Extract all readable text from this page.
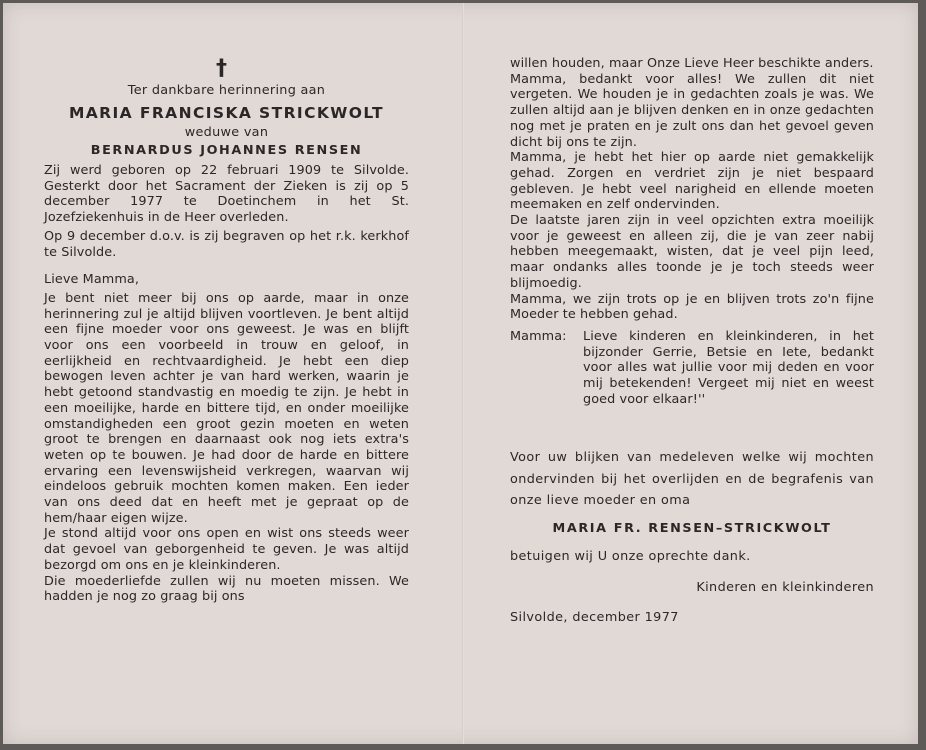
†
Ter dankbare herinnering aan
MARIA FRANCISKA STRICKWOLT
weduwe van
BERNARDUS JOHANNES RENSEN

Zij werd geboren op 22 februari 1909 te Silvolde. Gesterkt door het Sacrament der Zieken is zij op 5 december 1977 te Doetinchem in het St. Jozefziekenhuis in de Heer overleden.

Op 9 december d.o.v. is zij begraven op het r.k. kerkhof te Silvolde.

Lieve Mamma,

Je bent niet meer bij ons op aarde, maar in onze herinnering zul je altijd blijven voortleven. Je bent altijd een fijne moeder voor ons geweest. Je was en blijft voor ons een voorbeeld in trouw en geloof, in eerlijkheid en rechtvaardigheid. Je hebt een diep bewogen leven achter je van hard werken, waarin je hebt getoond standvastig en moedig te zijn. Je hebt in een moeilijke, harde en bittere tijd, en onder moeilijke omstandigheden een groot gezin moeten en weten groot te brengen en daarnaast ook nog iets extra's weten op te bouwen. Je had door de harde en bittere ervaring een levenswijsheid verkregen, waarvan wij eindeloos gebruik mochten komen maken. Een ieder van ons deed dat en heeft met je gepraat op de hem/haar eigen wijze.

Je stond altijd voor ons open en wist ons steeds weer dat gevoel van geborgenheid te geven. Je was altijd bezorgd om ons en je kleinkinderen.

Die moederliefde zullen wij nu moeten missen. We hadden je nog zo graag bij ons

willen houden, maar Onze Lieve Heer beschikte anders.

Mamma, bedankt voor alles! We zullen dit niet vergeten. We houden je in gedachten zoals je was. We zullen altijd aan je blijven denken en in onze gedachten nog met je praten en je zult ons dan het gevoel geven dicht bij ons te zijn.

Mamma, je hebt het hier op aarde niet gemakkelijk gehad. Zorgen en verdriet zijn je niet bespaard gebleven. Je hebt veel narigheid en ellende moeten meemaken en zelf ondervinden.

De laatste jaren zijn in veel opzichten extra moeilijk voor je geweest en alleen zij, die je van zeer nabij hebben meegemaakt, wisten, dat je veel pijn leed, maar ondanks alles toonde je je toch steeds weer blijmoedig.

Mamma, we zijn trots op je en blijven trots zo'n fijne Moeder te hebben gehad.

Mamma:	Lieve kinderen en kleinkinderen, in het bijzonder Gerrie, Betsie en Iete, bedankt voor alles wat jullie voor mij deden en voor mij betekenden! Vergeet mij niet en weest goed voor elkaar!''

Voor uw blijken van medeleven welke wij mochten ondervinden bij het overlijden en de begrafenis van onze lieve moeder en oma

MARIA FR. RENSEN–STRICKWOLT

betuigen wij U onze oprechte dank.

Kinderen en kleinkinderen

Silvolde, december 1977
